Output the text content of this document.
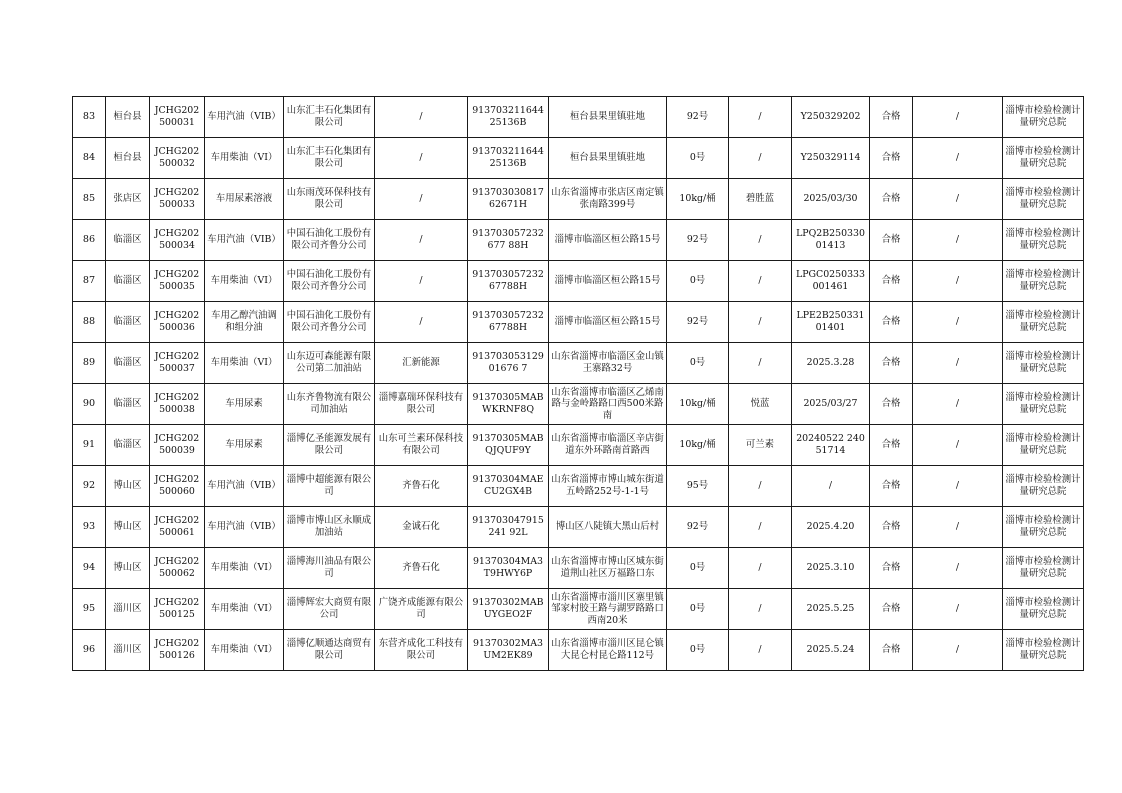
83	桓台县	JCHG202500031	车用汽油（VIB）	山东汇丰石化集团有限公司	/	91370321164425136B	桓台县果里镇驻地	92号	/	Y250329202	合格	/	淄博市检验检测计量研究总院
84	桓台县	JCHG202500032	车用柴油（VI）	山东汇丰石化集团有限公司	/	91370321164425136B	桓台县果里镇驻地	0号	/	Y250329114	合格	/	淄博市检验检测计量研究总院
85	张店区	JCHG202500033	车用尿素溶液	山东雨茂环保科技有限公司	/	91370303081762671H	山东省淄博市张店区南定镇张南路399号	10kg/桶	碧胜蓝	2025/03/30	合格	/	淄博市检验检测计量研究总院
86	临淄区	JCHG202500034	车用汽油（VIB）	中国石油化工股份有限公司齐鲁分公司	/	913703057232677 88H	淄博市临淄区桓公路15号	92号	/	LPQ2B25033001413	合格	/	淄博市检验检测计量研究总院
87	临淄区	JCHG202500035	车用柴油（VI）	中国石油化工股份有限公司齐鲁分公司	/	91370305723267788H	淄博市临淄区桓公路15号	0号	/	LPGC0250333001461	合格	/	淄博市检验检测计量研究总院
88	临淄区	JCHG202500036	车用乙醇汽油调和组分油	中国石油化工股份有限公司齐鲁分公司	/	91370305723267788H	淄博市临淄区桓公路15号	92号	/	LPE2B25033101401	合格	/	淄博市检验检测计量研究总院
89	临淄区	JCHG202500037	车用柴油（VI）	山东迈可森能源有限公司第二加油站	汇新能源	91370305312901676 7	山东省淄博市临淄区金山镇王寨路32号	0号	/	2025.3.28	合格	/	淄博市检验检测计量研究总院
90	临淄区	JCHG202500038	车用尿素	山东齐鲁物流有限公司加油站	淄博嘉瑞环保科技有限公司	91370305MABWKRNF8Q	山东省淄博市临淄区乙烯南路与金岭路路口西500米路南	10kg/桶	悦蓝	2025/03/27	合格	/	淄博市检验检测计量研究总院
91	临淄区	JCHG202500039	车用尿素	淄博亿圣能源发展有限公司	山东可兰素环保科技有限公司	91370305MABQJQUF9Y	山东省淄博市临淄区辛店街道东外环路南首路西	10kg/桶	可兰素	20240522 24051714	合格	/	淄博市检验检测计量研究总院
92	博山区	JCHG202500060	车用汽油（VIB）	淄博中超能源有限公司	齐鲁石化	91370304MAECU2GX4B	山东省淄博市博山城东街道五岭路252号-1-1号	95号	/	/	合格	/	淄博市检验检测计量研究总院
93	博山区	JCHG202500061	车用汽油（VIB）	淄博市博山区永顺成加油站	金诚石化	913703047915241 92L	博山区八陡镇大黑山后村	92号	/	2025.4.20	合格	/	淄博市检验检测计量研究总院
94	博山区	JCHG202500062	车用柴油（VI）	淄博海川油品有限公司	齐鲁石化	91370304MA3T9HWY6P	山东省淄博市博山区城东街道荆山社区万福路口东	0号	/	2025.3.10	合格	/	淄博市检验检测计量研究总院
95	淄川区	JCHG202500125	车用柴油（VI）	淄博辉宏大商贸有限公司	广饶齐成能源有限公司	91370302MABUYGEO2F	山东省淄博市淄川区寨里镇邹家村胶王路与湖罗路路口西南20米	0号	/	2025.5.25	合格	/	淄博市检验检测计量研究总院
96	淄川区	JCHG202500126	车用柴油（VI）	淄博亿顺通达商贸有限公司	东营齐成化工科技有限公司	91370302MA3UM2EK89	山东省淄博市淄川区昆仑镇大昆仑村昆仑路112号	0号	/	2025.5.24	合格	/	淄博市检验检测计量研究总院
